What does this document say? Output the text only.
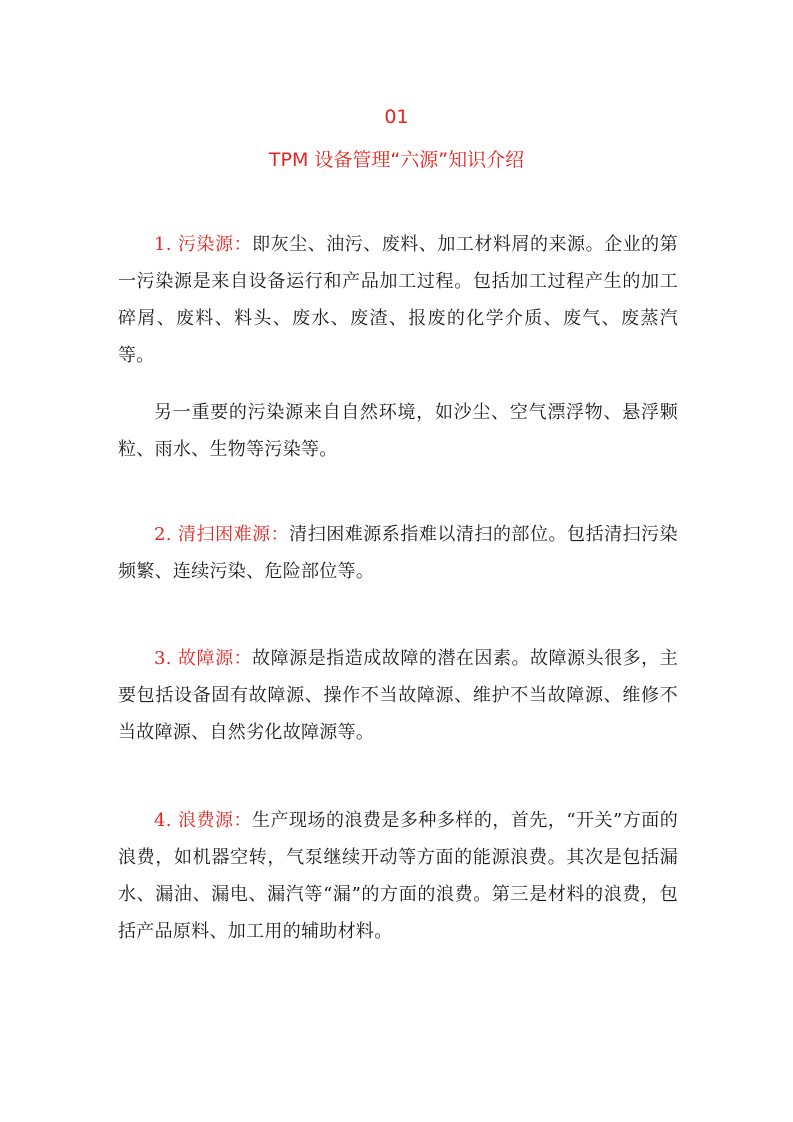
01
TPM 设备管理“六源”知识介绍

1. 污染源：即灰尘、油污、废料、加工材料屑的来源。企业的第一污染源是来自设备运行和产品加工过程。包括加工过程产生的加工碎屑、废料、料头、废水、废渣、报废的化学介质、废气、废蒸汽等。

另一重要的污染源来自自然环境，如沙尘、空气漂浮物、悬浮颗粒、雨水、生物等污染等。

2. 清扫困难源：清扫困难源系指难以清扫的部位。包括清扫污染频繁、连续污染、危险部位等。

3. 故障源：故障源是指造成故障的潜在因素。故障源头很多，主要包括设备固有故障源、操作不当故障源、维护不当故障源、维修不当故障源、自然劣化故障源等。

4. 浪费源：生产现场的浪费是多种多样的，首先，“开关”方面的浪费，如机器空转，气泵继续开动等方面的能源浪费。其次是包括漏水、漏油、漏电、漏汽等“漏”的方面的浪费。第三是材料的浪费，包括产品原料、加工用的辅助材料。
